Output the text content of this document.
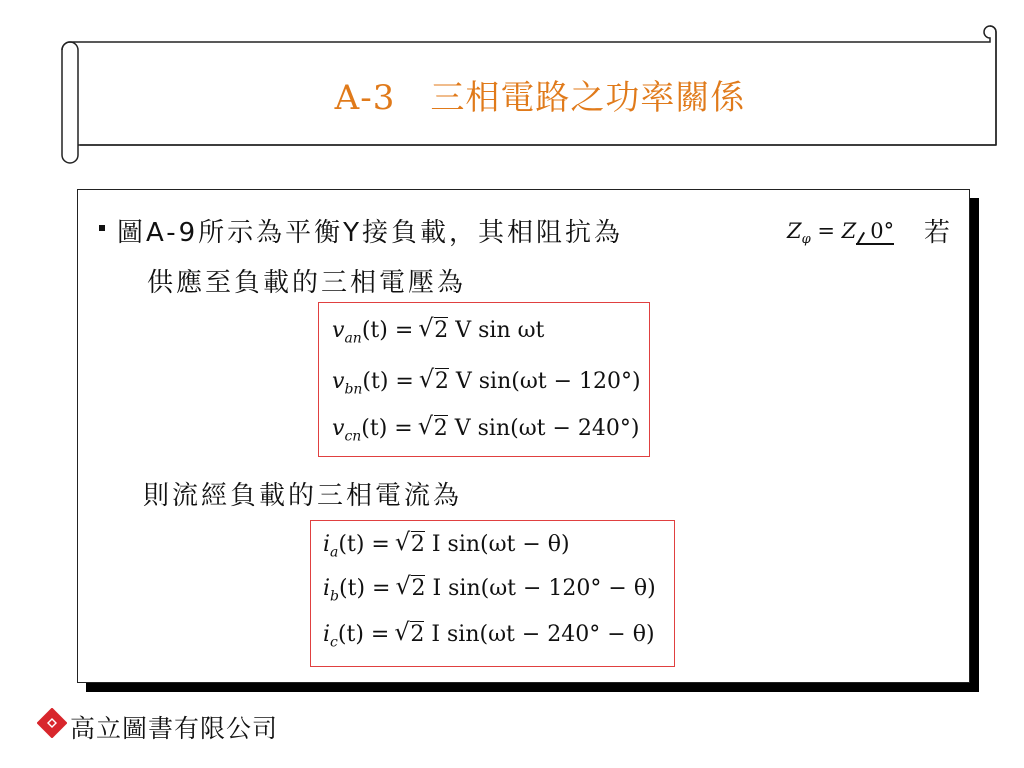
A-3　三相電路之功率關係
圖A-9所示為平衡Y接負載，其相阻抗為	$Z_\varphi = Z$ 0° 若
供應至負載的三相電壓為
$v_{an}(t)$ = √ 2 V sin ωt
$v_{bn}(t)$ = √ 2 V sin(ωt − 120°)
$v_{cn}(t)$ = √ 2 V sin(ωt − 240°)
則流經負載的三相電流為
$i_a(t)$ = √ 2 I sin(ωt − θ)
$i_b(t)$ = √ 2 I sin(ωt − 120° − θ)
$i_c(t)$ = √ 2 I sin(ωt − 240° − θ)
高立圖書有限公司
